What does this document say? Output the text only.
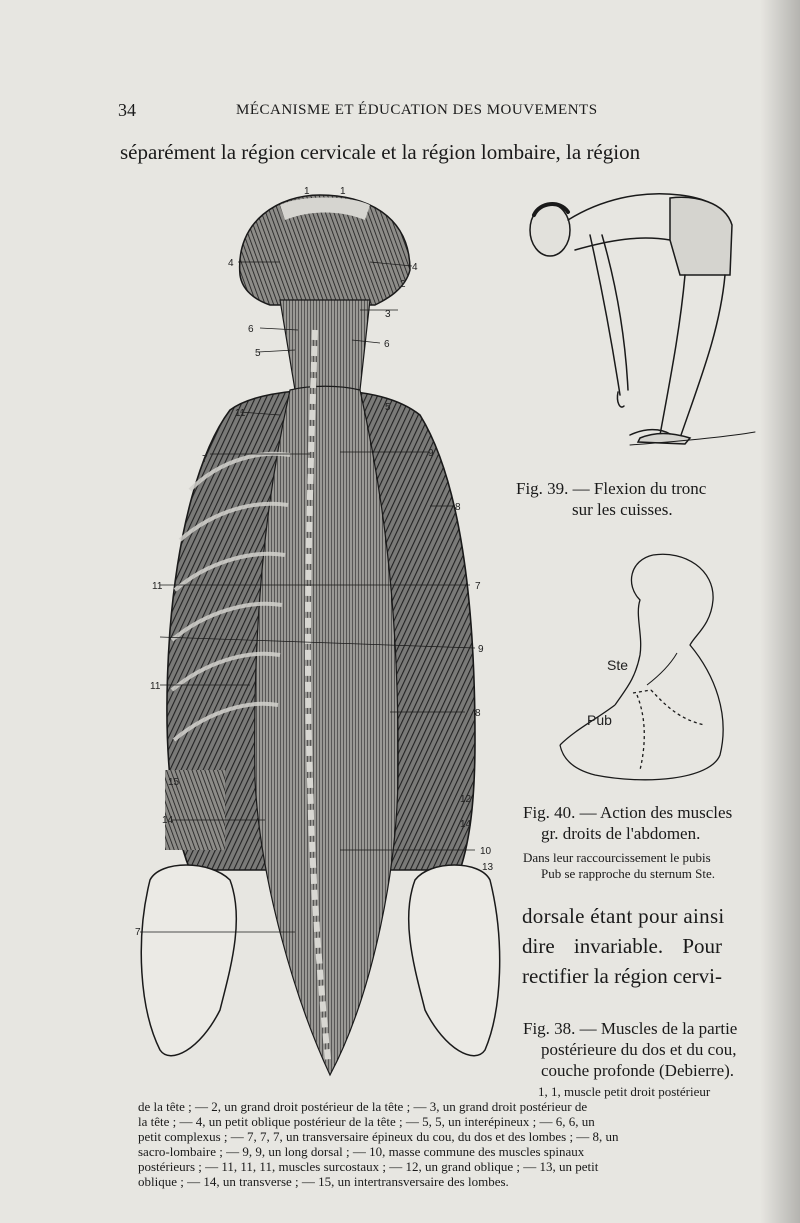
34	MÉCANISME ET ÉDUCATION DES MOUVEMENTS
séparément la région cervicale et la région lombaire, la région
1	1
2
3
4	4
5
5
6
6
7
7
7
8
8
9
9
10
11
11
11
12
13
14	14
15
Fig. 39. — Flexion du tronc
sur les cuisses.
Ste
Pub
Fig. 40. — Action des muscles
gr. droits de l'abdomen.
Dans leur raccourcissement le pubis
Pub se rapproche du sternum Ste.
dorsale étant pour ainsi
dire invariable. Pour
rectifier la région cervi-
Fig. 38. — Muscles de la partie
postérieure du dos et du cou,
couche profonde (Debierre).
1, 1, muscle petit droit postérieur
de la tête ; — 2, un grand droit postérieur de la tête ; — 3, un grand droit postérieur de
la tête ; — 4, un petit oblique postérieur de la tête ; — 5, 5, un interépineux ; — 6, 6, un
petit complexus ; — 7, 7, 7, un transversaire épineux du cou, du dos et des lombes ; — 8, un
sacro-lombaire ; — 9, 9, un long dorsal ; — 10, masse commune des muscles spinaux
postérieurs ; — 11, 11, 11, muscles surcostaux ; — 12, un grand oblique ; — 13, un petit
oblique ; — 14, un transverse ; — 15, un intertransversaire des lombes.
